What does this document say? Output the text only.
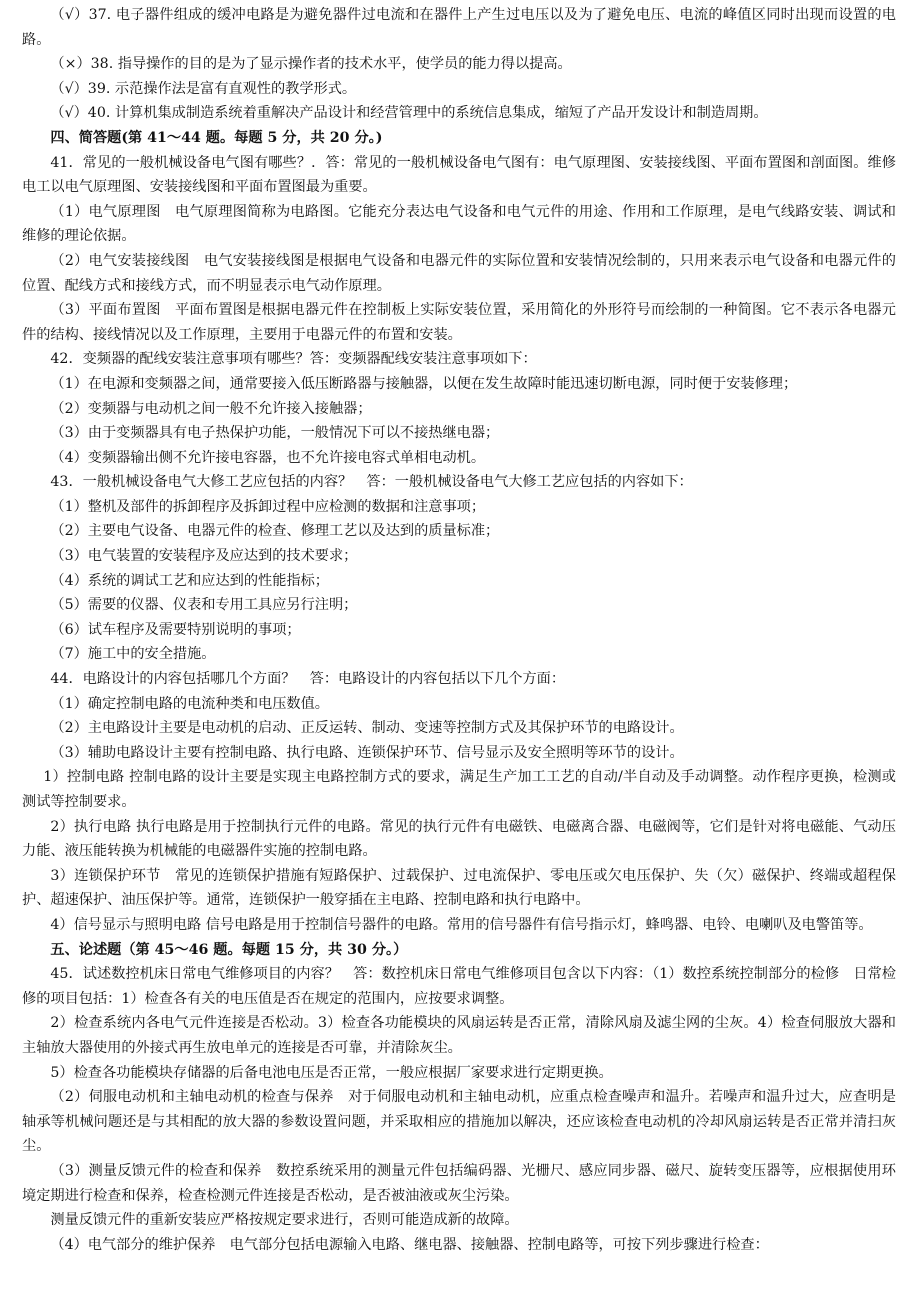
（√）37. 电子器件组成的缓冲电路是为避免器件过电流和在器件上产生过电压以及为了避免电压、电流的峰值区同时出现而设置的电路。

（×）38. 指导操作的目的是为了显示操作者的技术水平，使学员的能力得以提高。

（√）39. 示范操作法是富有直观性的教学形式。

（√）40. 计算机集成制造系统着重解决产品设计和经营管理中的系统信息集成，缩短了产品开发设计和制造周期。

四、简答题(第 41～44 题。每题 5 分，共 20 分。)

41．常见的一般机械设备电气图有哪些？．答：常见的一般机械设备电气图有：电气原理图、安装接线图、平面布置图和剖面图。维修电工以电气原理图、安装接线图和平面布置图最为重要。

（1）电气原理图　电气原理图简称为电路图。它能充分表达电气设备和电气元件的用途、作用和工作原理，是电气线路安装、调试和维修的理论依据。

（2）电气安装接线图　电气安装接线图是根据电气设备和电器元件的实际位置和安装情况绘制的，只用来表示电气设备和电器元件的位置、配线方式和接线方式，而不明显表示电气动作原理。

（3）平面布置图　平面布置图是根据电器元件在控制板上实际安装位置，采用简化的外形符号而绘制的一种简图。它不表示各电器元件的结构、接线情况以及工作原理，主要用于电器元件的布置和安装。

42．变频器的配线安装注意事项有哪些？答：变频器配线安装注意事项如下：

（1）在电源和变频器之间，通常要接入低压断路器与接触器，以便在发生故障时能迅速切断电源，同时便于安装修理；

（2）变频器与电动机之间一般不允许接入接触器；

（3）由于变频器具有电子热保护功能，一般情况下可以不接热继电器；

（4）变频器输出侧不允许接电容器，也不允许接电容式单相电动机。

43．一般机械设备电气大修工艺应包括的内容？　答：一般机械设备电气大修工艺应包括的内容如下：

（1）整机及部件的拆卸程序及拆卸过程中应检测的数据和注意事项；

（2）主要电气设备、电器元件的检查、修理工艺以及达到的质量标准；

（3）电气装置的安装程序及应达到的技术要求；

（4）系统的调试工艺和应达到的性能指标；

（5）需要的仪器、仪表和专用工具应另行注明；

（6）试车程序及需要特别说明的事项；

（7）施工中的安全措施。

44．电路设计的内容包括哪几个方面？　答：电路设计的内容包括以下几个方面：

（1）确定控制电路的电流种类和电压数值。

（2）主电路设计主要是电动机的启动、正反运转、制动、变速等控制方式及其保护环节的电路设计。

（3）辅助电路设计主要有控制电路、执行电路、连锁保护环节、信号显示及安全照明等环节的设计。

1）控制电路 控制电路的设计主要是实现主电路控制方式的要求，满足生产加工工艺的自动/半自动及手动调整。动作程序更换，检测或测试等控制要求。

2）执行电路 执行电路是用于控制执行元件的电路。常见的执行元件有电磁铁、电磁离合器、电磁阀等，它们是针对将电磁能、气动压力能、液压能转换为机械能的电磁器件实施的控制电路。

3）连锁保护环节　常见的连锁保护措施有短路保护、过载保护、过电流保护、零电压或欠电压保护、失（欠）磁保护、终端或超程保护、超速保护、油压保护等。通常，连锁保护一般穿插在主电路、控制电路和执行电路中。

4）信号显示与照明电路 信号电路是用于控制信号器件的电路。常用的信号器件有信号指示灯，蜂鸣器、电铃、电喇叭及电警笛等。

五、论述题（第 45～46 题。每题 15 分，共 30 分。）

45．试述数控机床日常电气维修项目的内容？　答：数控机床日常电气维修项目包含以下内容：（1）数控系统控制部分的检修　日常检修的项目包括：1）检查各有关的电压值是否在规定的范围内，应按要求调整。

2）检查系统内各电气元件连接是否松动。3）检查各功能模块的风扇运转是否正常，清除风扇及滤尘网的尘灰。4）检查伺服放大器和主轴放大器使用的外接式再生放电单元的连接是否可靠，并清除灰尘。

5）检查各功能模块存储器的后备电池电压是否正常，一般应根据厂家要求进行定期更换。

（2）伺服电动机和主轴电动机的检查与保养　对于伺服电动机和主轴电动机，应重点检查噪声和温升。若噪声和温升过大，应查明是轴承等机械问题还是与其相配的放大器的参数设置问题，并采取相应的措施加以解决，还应该检查电动机的冷却风扇运转是否正常并清扫灰尘。

（3）测量反馈元件的检查和保养　数控系统采用的测量元件包括编码器、光栅尺、感应同步器、磁尺、旋转变压器等，应根据使用环境定期进行检查和保养，检查检测元件连接是否松动，是否被油液或灰尘污染。

测量反馈元件的重新安装应严格按规定要求进行，否则可能造成新的故障。

（4）电气部分的维护保养　电气部分包括电源输入电路、继电器、接触器、控制电路等，可按下列步骤进行检查：
